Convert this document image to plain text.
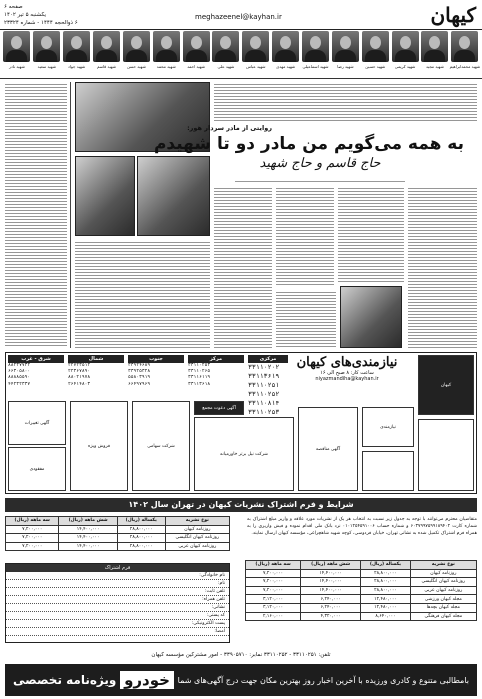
کیهان
meghazeenel@kayhan.ir
صفحه ۶
یکشنبه ۵ تیر ۱۴۰۲
۶ ذوالحجه ۱۴۴۴ - شماره ۲۳۳۲۴
شهید محمدابراهیم
شهید مجید
شهید کریمی
شهید حسین
شهید رضا
شهید اسماعیلی
شهید مهدی
شهید عباس
شهید علی
شهید احمد
شهید محمد
شهید حسن
شهید قاسم
شهید جواد
شهید سعید
شهید نادر
روایتی از مادر سردار هور:
به همه می‌گویم من مادر دو تا شهیدم
حاج قاسم و حاج شهید
شرق - غرب
۸۸۲۳۷۷۳۲
۶۶۳۰۵۸۰۰
۸۸۸۸۵۵۹۰
۴۴۲۳۲۳۳۷
شمال
۲۲۷۲۳۵۱۲
۲۲۳۶۷۸۹۰
۸۸۰۲۱۹۷۸
۲۶۴۱۴۸۰۳
جنوب
۳۳۹۲۴۶۸۹
۳۳۹۲۵۳۲۸
۵۵۸۰۳۹۱۹
۶۶۴۹۷۹۶۹
مرکز
۳۳۱۱۰۲۵۳
۳۳۱۱۰۲۶۵
۳۳۱۱۶۱۱۹
۳۳۱۱۳۶۱۸
مرکزی
۳۳۱۱۰۲۰۲
۳۳۱۱۳۶۱۹
۳۳۱۱۰۲۵۱
۳۳۱۱۰۲۵۲
۳۳۱۱۰۸۱۴
۳۳۱۱۰۲۵۳
نیازمندی‌های کیهان
ساعت کار: ۸ صبح الی ۱۶
niyazmandiha@kayhan.ir
آگهی تغییرات
مفقودی
فروش ویژه	شرکت سهامی
آگهی دعوت مجمع
شرکت نیل برتر خاورمیانه
آگهی مناقصه
نیازمندی
کیهان
شرایط و فرم اشتراک نشریات کیهان در تهران سال ۱۴۰۲
متقاضیان محترم می‌توانند با توجه به جدول زیر نسبت به انتخاب هر یک از نشریات مورد علاقه و واریز مبلغ اشتراک به شماره کارت ۶۰۳۷۹۹۷۵۹۹۱۸۹۴۰۲ و شماره حساب ۰۱۰۱۲۵۴۵۹۱۰۰۶ نزد بانک ملی اقدام نموده و فیش واریزی را به همراه فرم اشتراک تکمیل شده به نشانی تهران، خیابان فردوسی، کوچه شهید شاهچراغی، مؤسسه کیهان ارسال نمایند.
نوع نشریه	یکساله (ریال)	شش ماهه (ریال)	سه ماهه (ریال)
روزنامه کیهان	۲۸,۸۰۰,۰۰۰	۱۴,۴۰۰,۰۰۰	۷,۲۰۰,۰۰۰
روزنامه کیهان انگلیسی	۲۸,۸۰۰,۰۰۰	۱۴,۴۰۰,۰۰۰	۷,۲۰۰,۰۰۰
روزنامه کیهان عربی	۲۸,۸۰۰,۰۰۰	۱۴,۴۰۰,۰۰۰	۷,۲۰۰,۰۰۰
نوع نشریه	یکساله (ریال)	شش ماهه (ریال)	سه ماهه (ریال)
روزنامه کیهان	۲۸,۸۰۰,۰۰۰	۱۴,۴۰۰,۰۰۰	۷,۲۰۰,۰۰۰
روزنامه کیهان انگلیسی	۲۸,۸۰۰,۰۰۰	۱۴,۴۰۰,۰۰۰	۷,۲۰۰,۰۰۰
روزنامه کیهان عربی	۲۸,۸۰۰,۰۰۰	۱۴,۴۰۰,۰۰۰	۷,۲۰۰,۰۰۰
مجله کیهان ورزشی	۱۲,۴۸۰,۰۰۰	۶,۲۴۰,۰۰۰	۳,۱۲۰,۰۰۰
مجله کیهان بچه‌ها	۱۲,۴۸۰,۰۰۰	۶,۲۴۰,۰۰۰	۳,۱۲۰,۰۰۰
مجله کیهان فرهنگی	۸,۶۴۰,۰۰۰	۴,۳۲۰,۰۰۰	۲,۱۶۰,۰۰۰
فرم اشتراک
نام خانوادگی:
نام:
تلفن ثابت:
تلفن همراه:
نشانی:
کد پستی:
پست الکترونیکی:
امضا:
تلفن: ۳۳۱۱۰۲۵۱ - ۳۳۱۱۰۲۵۲ نمابر: ۳۳۹۰۵۷۱۰ - امور مشترکین مؤسسه کیهان
ویژه‌نامه تخصصی خودرو بامطالبی متنوع و کادری ورزیده با آخرین اخبار روز بهترین مکان جهت درج آگهی‌های شما
